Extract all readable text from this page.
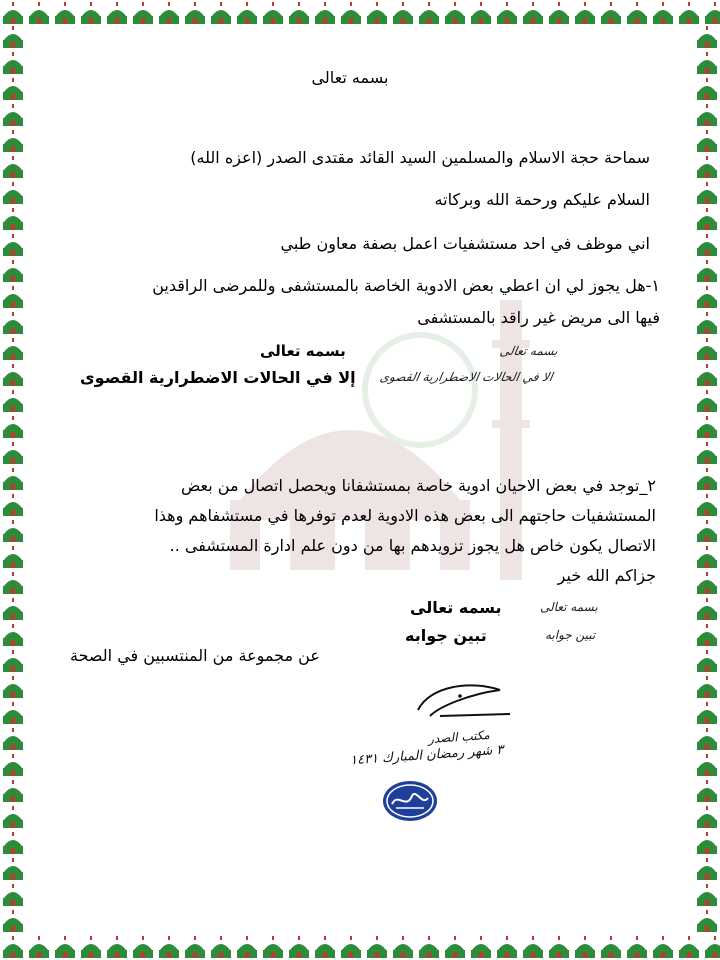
بسمه تعالى
سماحة حجة الاسلام والمسلمين السيد القائد مقتدى الصدر (اعزه الله)
السلام عليكم ورحمة الله وبركاته
اني موظف في احد مستشفيات اعمل بصفة معاون طبي
١-هل يجوز لي ان اعطي بعض الادوية الخاصة بالمستشفى وللمرضى الراقدين
فيها الى مريض غير راقد بالمستشفى
بسمه تعالى
إلا في الحالات الاضطرارية القصوى
بسمه تعالى
الا في الحالات الاضطرارية القصوى
٢_توجد في بعض الاحيان ادوية خاصة بمستشفانا ويحصل اتصال من بعض
المستشفيات حاجتهم الى بعض هذه الادوية لعدم توفرها في مستشفاهم وهذا
الاتصال يكون خاص هل يجوز تزويدهم بها من دون علم ادارة المستشفى ..
جزاكم الله خير
بسمه تعالى
تبين جوابه
بسمه تعالى
تبين جوابه
عن مجموعة من المنتسبين في الصحة
مكتب الصدر
٣ شهر رمضان المبارك ١٤٣١
